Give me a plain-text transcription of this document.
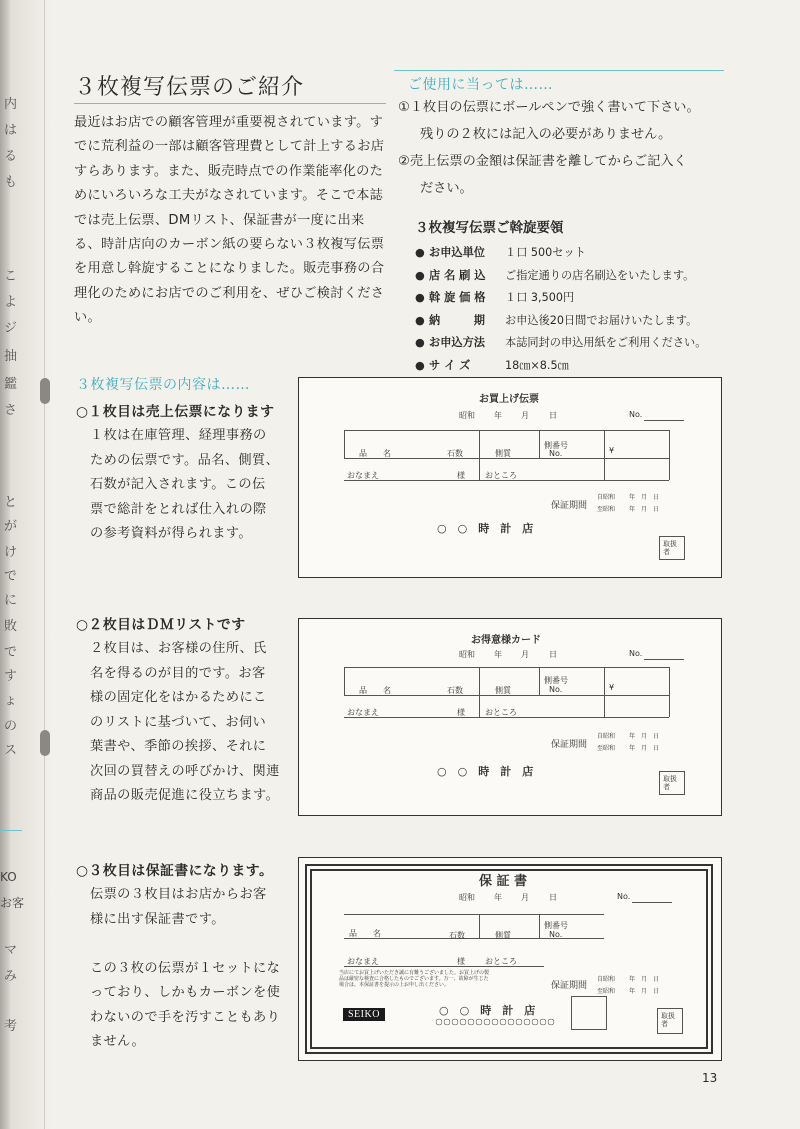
内
は
る
も
こ
よ
ジ
抽
鑑
さ
と
が
け
で
に
敗
で
す
ょ
の
ス
KO
お客
マ
み
考
３枚複写伝票のご紹介
最近はお店での顧客管理が重要視されています。すでに荒利益の一部は顧客管理費として計上するお店すらあります。また、販売時点での作業能率化のためにいろいろな工夫がなされています。そこで本誌では売上伝票、DMリスト、保証書が一度に出来る、時計店向のカーボン紙の要らない３枚複写伝票を用意し斡旋することになりました。販売事務の合理化のためにお店でのご利用を、ぜひご検討ください。
ご使用に当っては……
①１枚目の伝票にボールペンで強く書いて下さい。
残りの２枚には記入の必要がありません。
②売上伝票の金額は保証書を離してからご記入く
ださい。
３枚複写伝票ご斡旋要領
● お申込単位 １口 500セット
● 店 名 刷 込 ご指定通りの店名刷込をいたします。
● 斡 旋 価 格 １口 3,500円
● 納　　　期 お申込後20日間でお届けいたします。
● お申込方法 本誌同封の申込用紙をご利用ください。
● サ イ ズ	18㎝×8.5㎝
３枚複写伝票の内容は……
○１枚目は売上伝票になります
１枚は在庫管理、経理事務の
ための伝票です。品名、側質、
石数が記入されます。この伝
票で総計をとれば仕入れの際
の参考資料が得られます。
○２枚目はＤＭリストです
２枚目は、お客様の住所、氏
名を得るのが目的です。お客
様の固定化をはかるためにこ
のリストに基づいて、お伺い
葉書や、季節の挨拶、それに
次回の買替えの呼びかけ、関連
商品の販売促進に役立ちます。
○３枚目は保証書になります。
伝票の３枚目はお店からお客
様に出す保証書です。
この３枚の伝票が１セットにな
っており、しかもカーボンを使
わないので手を汚すこともあり
ません。
お買上げ伝票
昭和 年 月	日	No.
品　　名	石数	側質
側番号
No.	¥
おなまえ	様	おところ
保証期間
自昭和
至昭和
年　月　日
年　月　日
○　○　時　計　店
取扱者
お得意様カード
昭和 年 月	日	No.
品　　名	石数	側質
側番号
No.	¥
おなまえ	様	おところ
保証期間
自昭和
至昭和
年　月　日
年　月　日
○　○　時　計　店
取扱者
保 証 書
昭和 年 月	日	No.
品　　名	石数	側質
側番号
No.
おなまえ	様	おところ
当店にてお買上げいただき誠に有難うございました。お買上げの製品は厳密な検査に合格したものでございます。万一、故障が生じた場合は、本保証書を提示の上お申し出ください。	保証期間
自昭和
至昭和
年　月　日
年　月　日
○　○　時　計　店
SEIKO	取扱者
13
